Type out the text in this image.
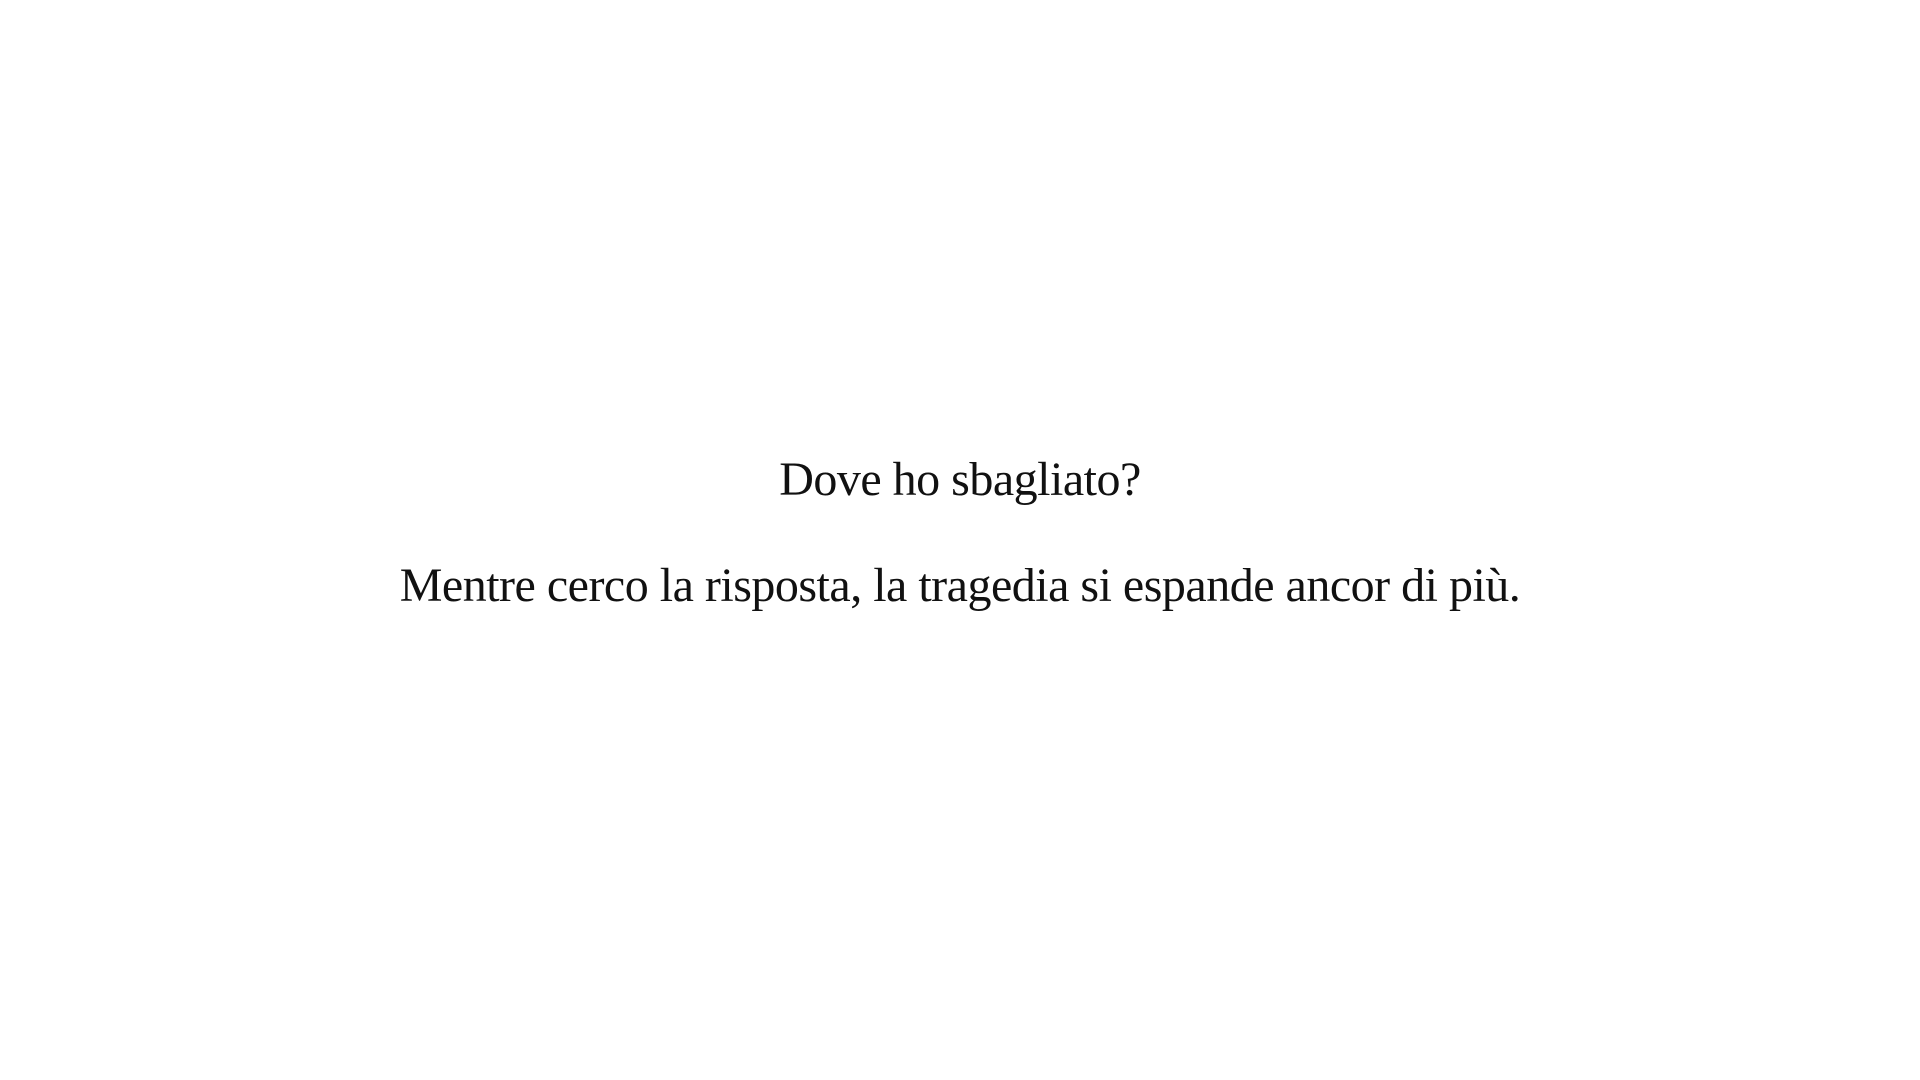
Dove ho sbagliato?
Mentre cerco la risposta, la tragedia si espande ancor di più.
